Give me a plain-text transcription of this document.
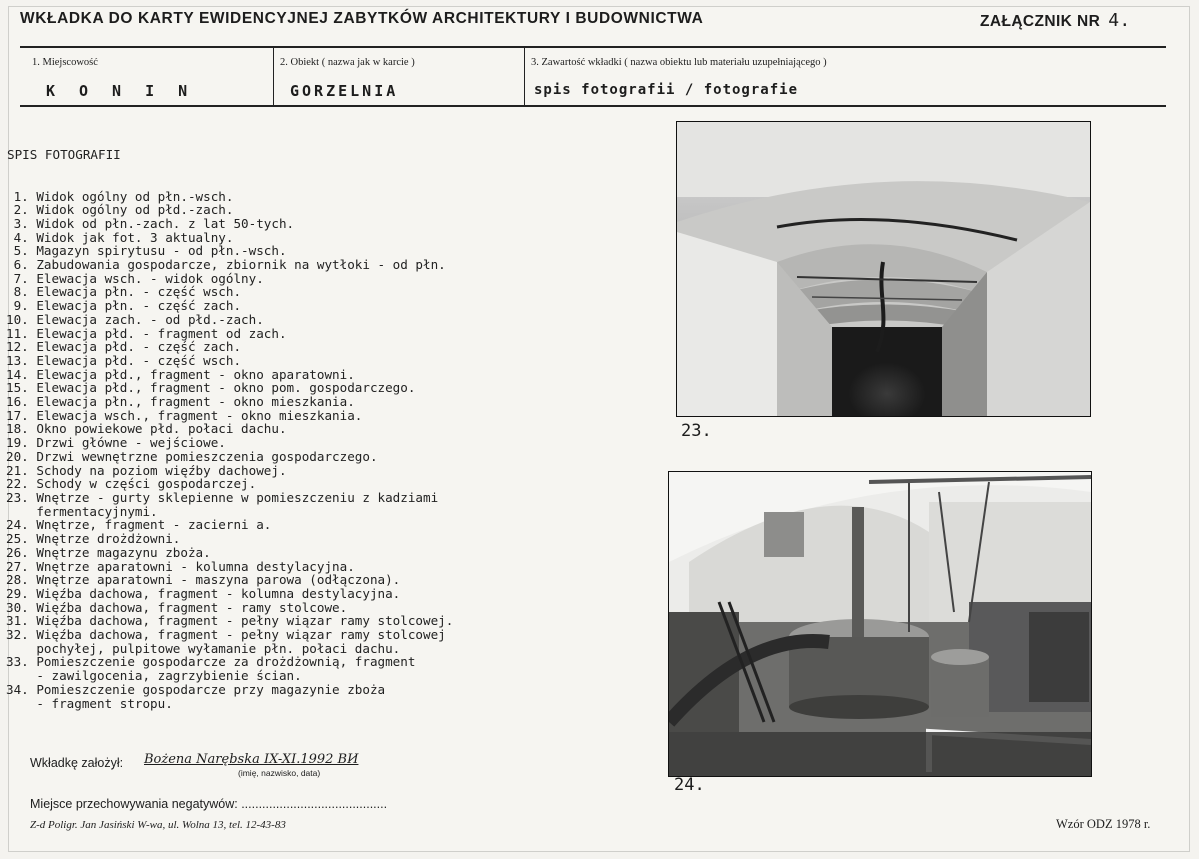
WKŁADKA DO KARTY EWIDENCYJNEJ ZABYTKÓW ARCHITEKTURY I BUDOWNICTWA	ZAŁĄCZNIK NR 4.
1. Miejscowość
KONIN
2. Obiekt ( nazwa jak w karcie )
GORZELNIA
3. Zawartość wkładki ( nazwa obiektu lub materiału uzupełniającego )
spis fotografii / fotografie

SPIS FOTOGRAFII

1. Widok ogólny od płn.-wsch.
2. Widok ogólny od płd.-zach.
3. Widok od płn.-zach. z lat 50-tych.
4. Widok jak fot. 3 aktualny.
5. Magazyn spirytusu - od płn.-wsch.
6. Zabudowania gospodarcze, zbiornik na wytłoki - od płn.
7. Elewacja wsch. - widok ogólny.
8. Elewacja płn. - część wsch.
9. Elewacja płn. - część zach.
10. Elewacja zach. - od płd.-zach.
11. Elewacja płd. - fragment od zach.
12. Elewacja płd. - część zach.
13. Elewacja płd. - część wsch.
14. Elewacja płd., fragment - okno aparatowni.
15. Elewacja płd., fragment - okno pom. gospodarczego.
16. Elewacja płn., fragment - okno mieszkania.
17. Elewacja wsch., fragment - okno mieszkania.
18. Okno powiekowe płd. połaci dachu.
19. Drzwi główne - wejściowe.
20. Drzwi wewnętrzne pomieszczenia gospodarczego.
21. Schody na poziom więźby dachowej.
22. Schody w części gospodarczej.
23. Wnętrze - gurty sklepienne w pomieszczeniu z kadziami
fermentacyjnymi.
24. Wnętrze, fragment - zacierni a.
25. Wnętrze drożdżowni.
26. Wnętrze magazynu zboża.
27. Wnętrze aparatowni - kolumna destylacyjna.
28. Wnętrze aparatowni - maszyna parowa (odłączona).
29. Więźba dachowa, fragment - kolumna destylacyjna.
30. Więźba dachowa, fragment - ramy stolcowe.
31. Więźba dachowa, fragment - pełny wiązar ramy stolcowej.
32. Więźba dachowa, fragment - pełny wiązar ramy stolcowej
pochyłej, pulpitowe wyłamanie płn. połaci dachu.
33. Pomieszczenie gospodarcze za drożdżownią, fragment
- zawilgocenia, zagrzybienie ścian.
34. Pomieszczenie gospodarcze przy magazynie zboża
- fragment stropu.

23.
24.
Wkładkę założył: Bożena Narębska IX-XI.1992 ВИ
(imię, nazwisko, data)
Miejsce przechowywania negatywów: ..........................................
Z-d Poligr. Jan Jasiński W-wa, ul. Wolna 13, tel. 12-43-83	Wzór ODZ 1978 r.
